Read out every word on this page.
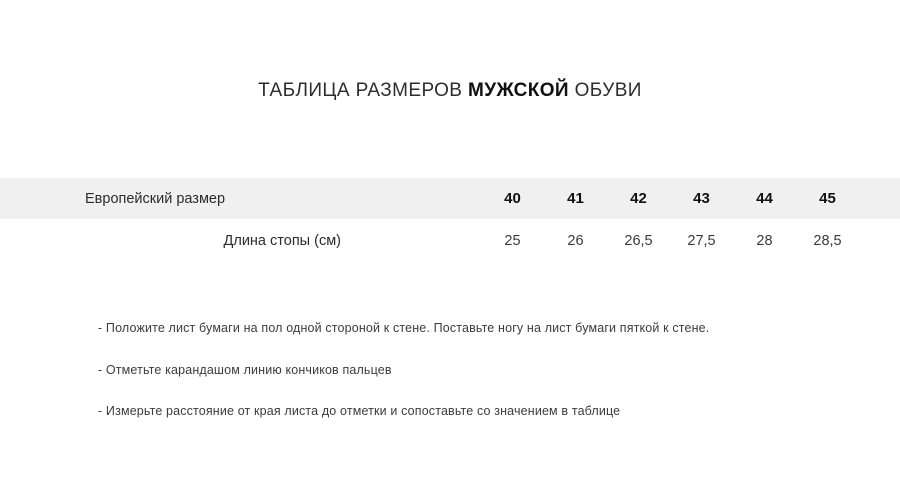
ТАБЛИЦА РАЗМЕРОВ МУЖСКОЙ ОБУВИ
Европейский размер	40	41	42	43	44	45	
Длина стопы (см)	25	26	26,5	27,5	28	28,5	
- Положите лист бумаги на пол одной стороной к стене. Поставьте ногу на лист бумаги пяткой к стене.
- Отметьте карандашом линию кончиков пальцев
- Измерьте расстояние от края листа до отметки и сопоставьте со значением в таблице
